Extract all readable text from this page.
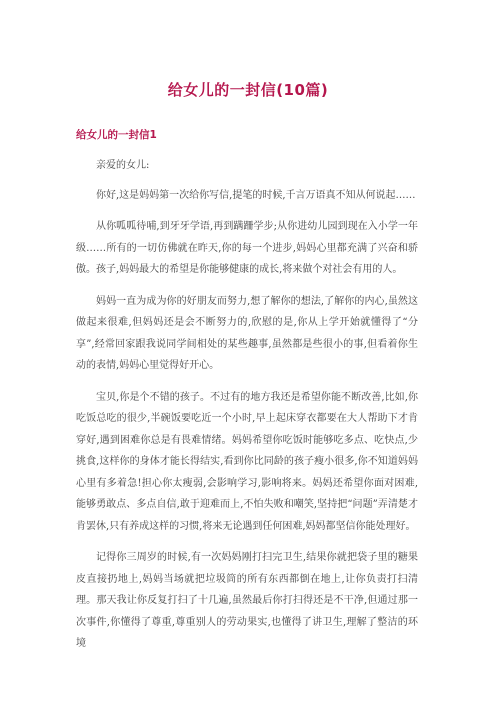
给女儿的一封信(10篇)
给女儿的一封信1

亲爱的女儿:

你好,这是妈妈第一次给你写信,提笔的时候,千言万语真不知从何说起……

从你呱呱待哺,到牙牙学语,再到蹒跚学步;从你进幼儿园到现在入小学一年级……所有的一切仿佛就在昨天,你的每一个进步,妈妈心里都充满了兴奋和骄傲。孩子,妈妈最大的希望是你能够健康的成长,将来做个对社会有用的人。

妈妈一直为成为你的好朋友而努力,想了解你的想法,了解你的内心,虽然这做起来很难,但妈妈还是会不断努力的,欣慰的是,你从上学开始就懂得了“分享”,经常回家跟我说同学间相处的某些趣事,虽然都是些很小的事,但看着你生动的表情,妈妈心里觉得好开心。

宝贝,你是个不错的孩子。不过有的地方我还是希望你能不断改善,比如,你吃饭总吃的很少,半碗饭要吃近一个小时,早上起床穿衣都要在大人帮助下才肯穿好,遇到困难你总是有畏难情绪。妈妈希望你吃饭时能够吃多点、吃快点,少挑食,这样你的身体才能长得结实,看到你比同龄的孩子瘦小很多,你不知道妈妈心里有多着急!担心你太瘦弱,会影响学习,影响将来。妈妈还希望你面对困难,能够勇敢点、多点自信,敢于迎难而上,不怕失败和嘲笑,坚持把“问题”弄清楚才肯罢休,只有养成这样的习惯,将来无论遇到任何困难,妈妈都坚信你能处理好。

记得你三周岁的时候,有一次妈妈刚打扫完卫生,结果你就把袋子里的糖果皮直接扔地上,妈妈当场就把垃圾筒的所有东西都倒在地上,让你负责打扫清理。那天我让你反复打扫了十几遍,虽然最后你打扫得还是不干净,但通过那一次事件,你懂得了尊重,尊重别人的劳动果实,也懂得了讲卫生,理解了整洁的环境
